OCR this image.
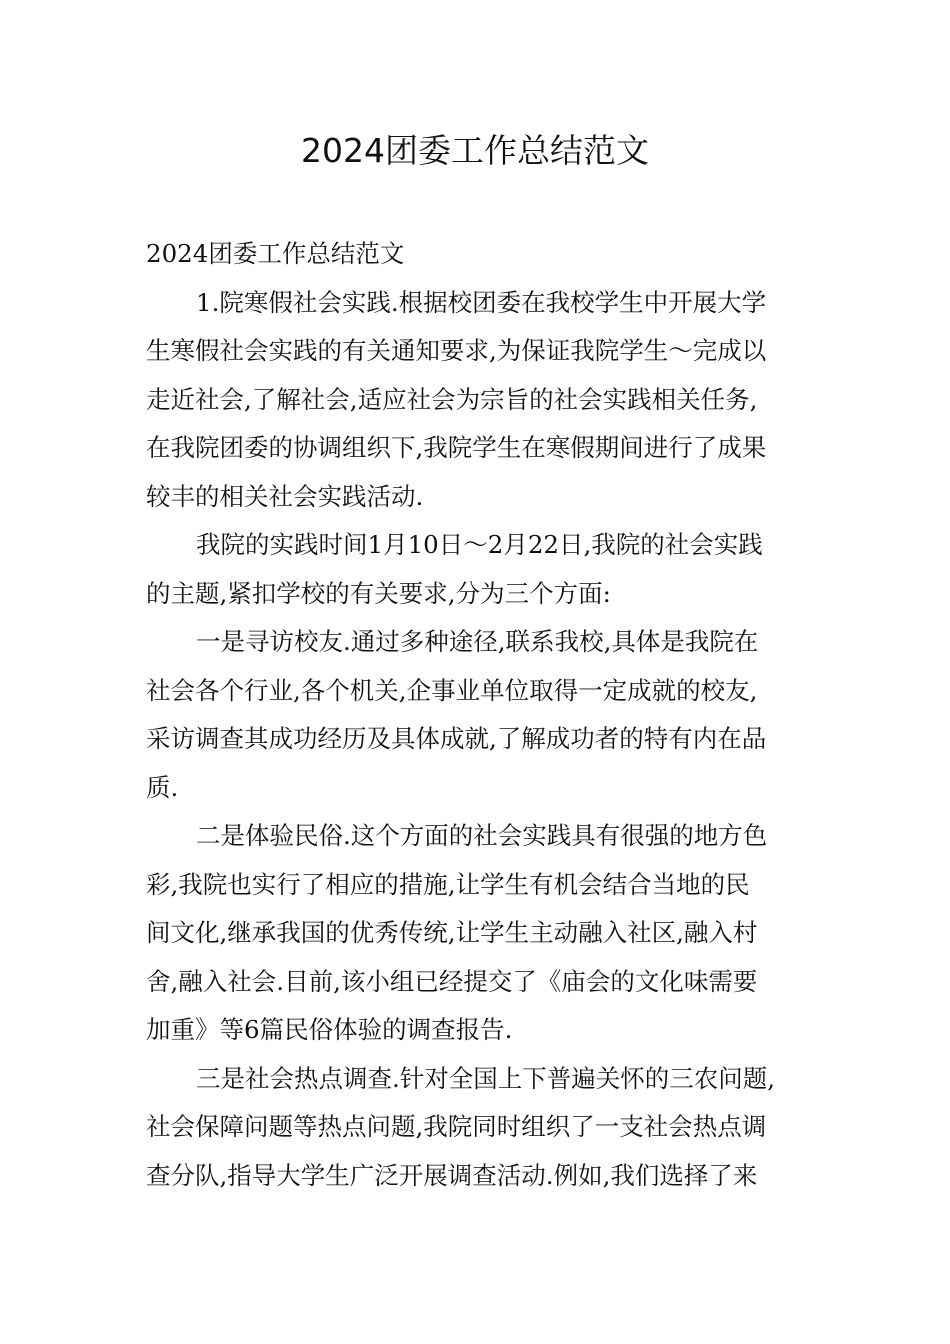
2024团委工作总结范文
2024团委工作总结范文
1.院寒假社会实践.根据校团委在我校学生中开展大学
生寒假社会实践的有关通知要求,为保证我院学生～完成以
走近社会,了解社会,适应社会为宗旨的社会实践相关任务,
在我院团委的协调组织下,我院学生在寒假期间进行了成果
较丰的相关社会实践活动.
我院的实践时间1月10日～2月22日,我院的社会实践
的主题,紧扣学校的有关要求,分为三个方面:
一是寻访校友.通过多种途径,联系我校,具体是我院在
社会各个行业,各个机关,企事业单位取得一定成就的校友,
采访调查其成功经历及具体成就,了解成功者的特有内在品
质.
二是体验民俗.这个方面的社会实践具有很强的地方色
彩,我院也实行了相应的措施,让学生有机会结合当地的民
间文化,继承我国的优秀传统,让学生主动融入社区,融入村
舍,融入社会.目前,该小组已经提交了《庙会的文化味需要
加重》等6篇民俗体验的调查报告.
三是社会热点调查.针对全国上下普遍关怀的三农问题,
社会保障问题等热点问题,我院同时组织了一支社会热点调
查分队,指导大学生广泛开展调查活动.例如,我们选择了来
